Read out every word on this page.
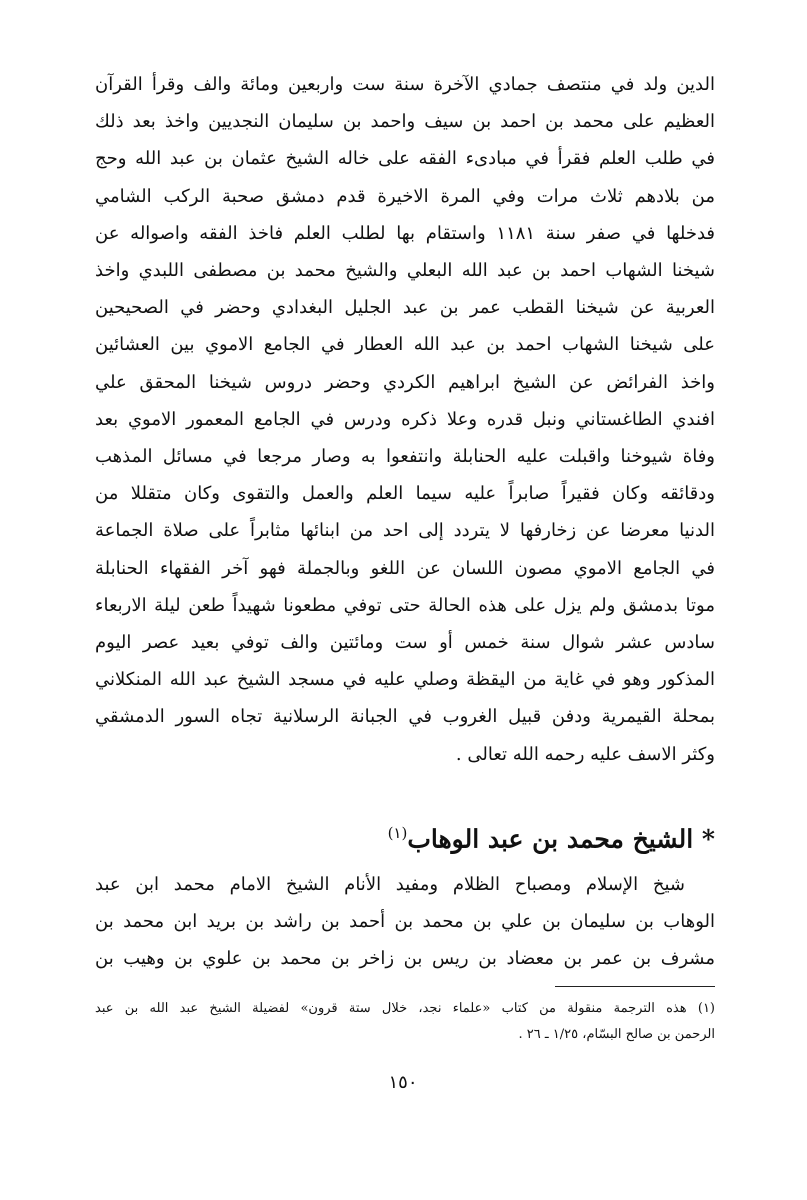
الدين ولد في منتصف جمادي الآخرة سنة ست واربعين ومائة والف وقرأ القرآن
العظيم على محمد بن احمد بن سيف واحمد بن سليمان النجديين واخذ بعد ذلك
في طلب العلم فقرأ في مبادىء الفقه على خاله الشيخ عثمان بن عبد الله وحج
من بلادهم ثلاث مرات وفي المرة الاخيرة قدم دمشق صحبة الركب الشامي
فدخلها في صفر سنة ١١٨١ واستقام بها لطلب العلم فاخذ الفقه واصواله عن
شيخنا الشهاب احمد بن عبد الله البعلي والشيخ محمد بن مصطفى اللبدي واخذ
العربية عن شيخنا القطب عمر بن عبد الجليل البغدادي وحضر في الصحيحين
على شيخنا الشهاب احمد بن عبد الله العطار في الجامع الاموي بين العشائين
واخذ الفرائض عن الشيخ ابراهيم الكردي وحضر دروس شيخنا المحقق علي
افندي الطاغستاني ونبل قدره وعلا ذكره ودرس في الجامع المعمور الاموي بعد
وفاة شيوخنا واقبلت عليه الحنابلة وانتفعوا به وصار مرجعا في مسائل المذهب
ودقائقه وكان فقيراً صابراً عليه سيما العلم والعمل والتقوى وكان متقللا من
الدنيا معرضا عن زخارفها لا يتردد إلى احد من ابنائها مثابراً على صلاة الجماعة
في الجامع الاموي مصون اللسان عن اللغو وبالجملة فهو آخر الفقهاء الحنابلة
موتا بدمشق ولم يزل على هذه الحالة حتى توفي مطعونا شهيداً طعن ليلة الاربعاء
سادس عشر شوال سنة خمس أو ست ومائتين والف توفي بعيد عصر اليوم
المذكور وهو في غاية من اليقظة وصلي عليه في مسجد الشيخ عبد الله المنكلاني
بمحلة القيمرية ودفن قبيل الغروب في الجبانة الرسلانية تجاه السور الدمشقي
وكثر الاسف عليه رحمه الله تعالى .
* الشيخ محمد بن عبد الوهاب$^{(١)}$
شيخ الإسلام ومصباح الظلام ومفيد الأنام الشيخ الامام محمد ابن عبد
الوهاب بن سليمان بن علي بن محمد بن أحمد بن راشد بن بريد ابن محمد بن
مشرف بن عمر بن معضاد بن ريس بن زاخر بن محمد بن علوي بن وهيب بن
(١) هذه الترجمة منقولة من كتاب «علماء نجد، خلال ستة قرون» لفضيلة الشيخ عبد الله بن عبد
الرحمن بن صالح البسّام، ١/٢٥ ـ ٢٦ .
١٥٠
